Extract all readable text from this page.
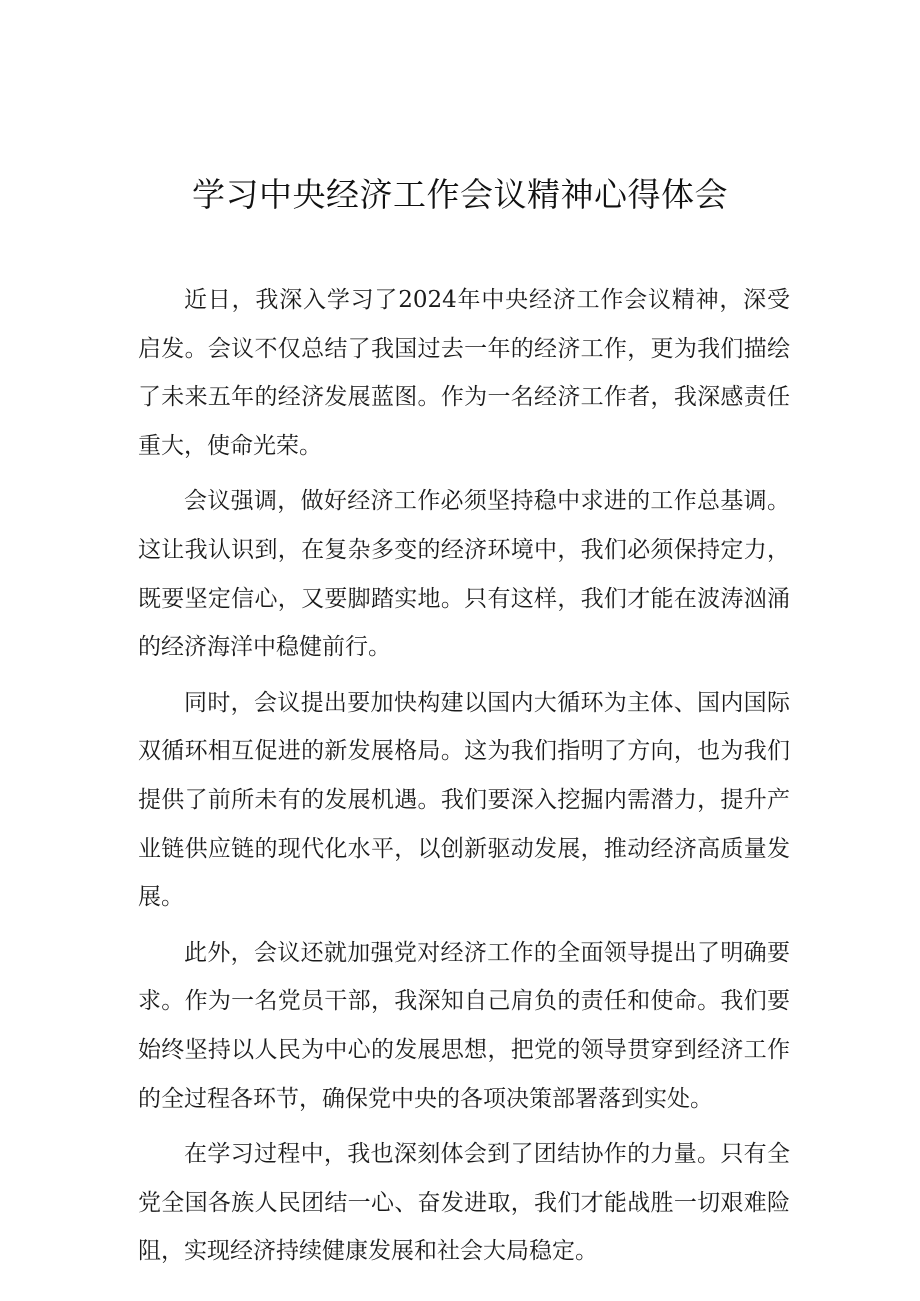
学习中央经济工作会议精神心得体会

近日，我深入学习了2024年中央经济工作会议精神，深受启发。会议不仅总结了我国过去一年的经济工作，更为我们描绘了未来五年的经济发展蓝图。作为一名经济工作者，我深感责任重大，使命光荣。

会议强调，做好经济工作必须坚持稳中求进的工作总基调。这让我认识到，在复杂多变的经济环境中，我们必须保持定力，既要坚定信心，又要脚踏实地。只有这样，我们才能在波涛汹涌的经济海洋中稳健前行。

同时，会议提出要加快构建以国内大循环为主体、国内国际双循环相互促进的新发展格局。这为我们指明了方向，也为我们提供了前所未有的发展机遇。我们要深入挖掘内需潜力，提升产业链供应链的现代化水平，以创新驱动发展，推动经济高质量发展。

此外，会议还就加强党对经济工作的全面领导提出了明确要求。作为一名党员干部，我深知自己肩负的责任和使命。我们要始终坚持以人民为中心的发展思想，把党的领导贯穿到经济工作的全过程各环节，确保党中央的各项决策部署落到实处。

在学习过程中，我也深刻体会到了团结协作的力量。只有全党全国各族人民团结一心、奋发进取，我们才能战胜一切艰难险阻，实现经济持续健康发展和社会大局稳定。
